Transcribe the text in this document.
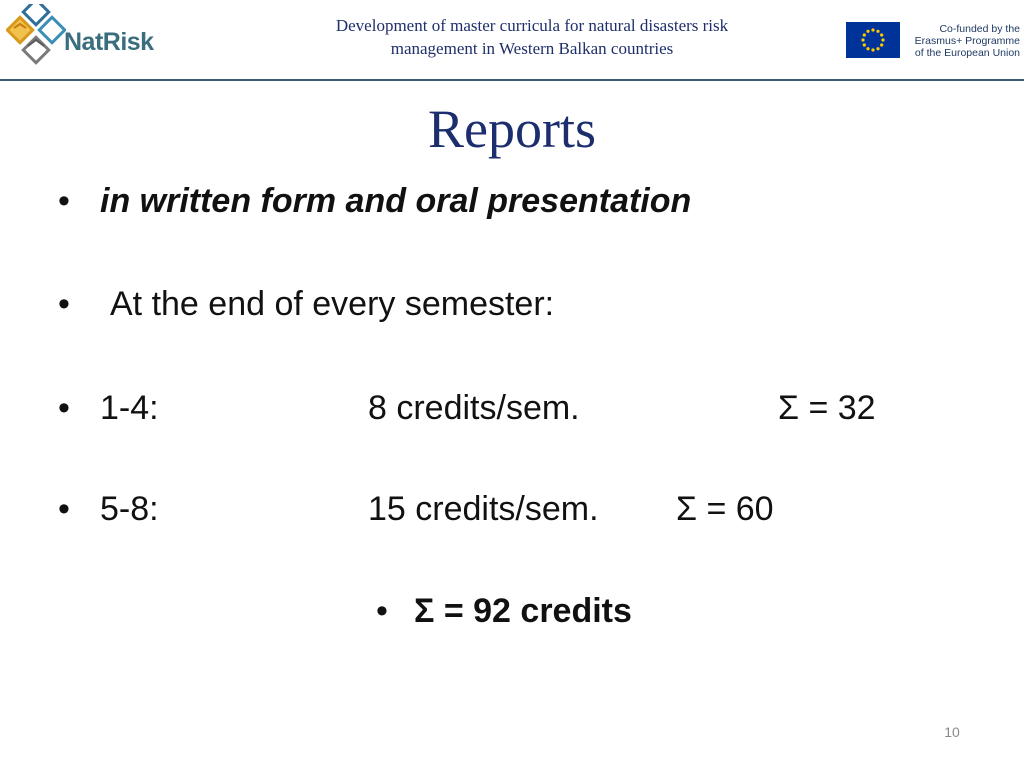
NatRisk
Development of master curricula for natural disasters risk
management in Western Balkan countries
Co-funded by the
Erasmus+ Programme
of the European Union
Reports
• in written form and oral presentation
• At the end of every semester:
• 1-4:	8 credits/sem.	Σ = 32
• 5-8:	15 credits/sem. Σ = 60
• Σ = 92 credits
10
